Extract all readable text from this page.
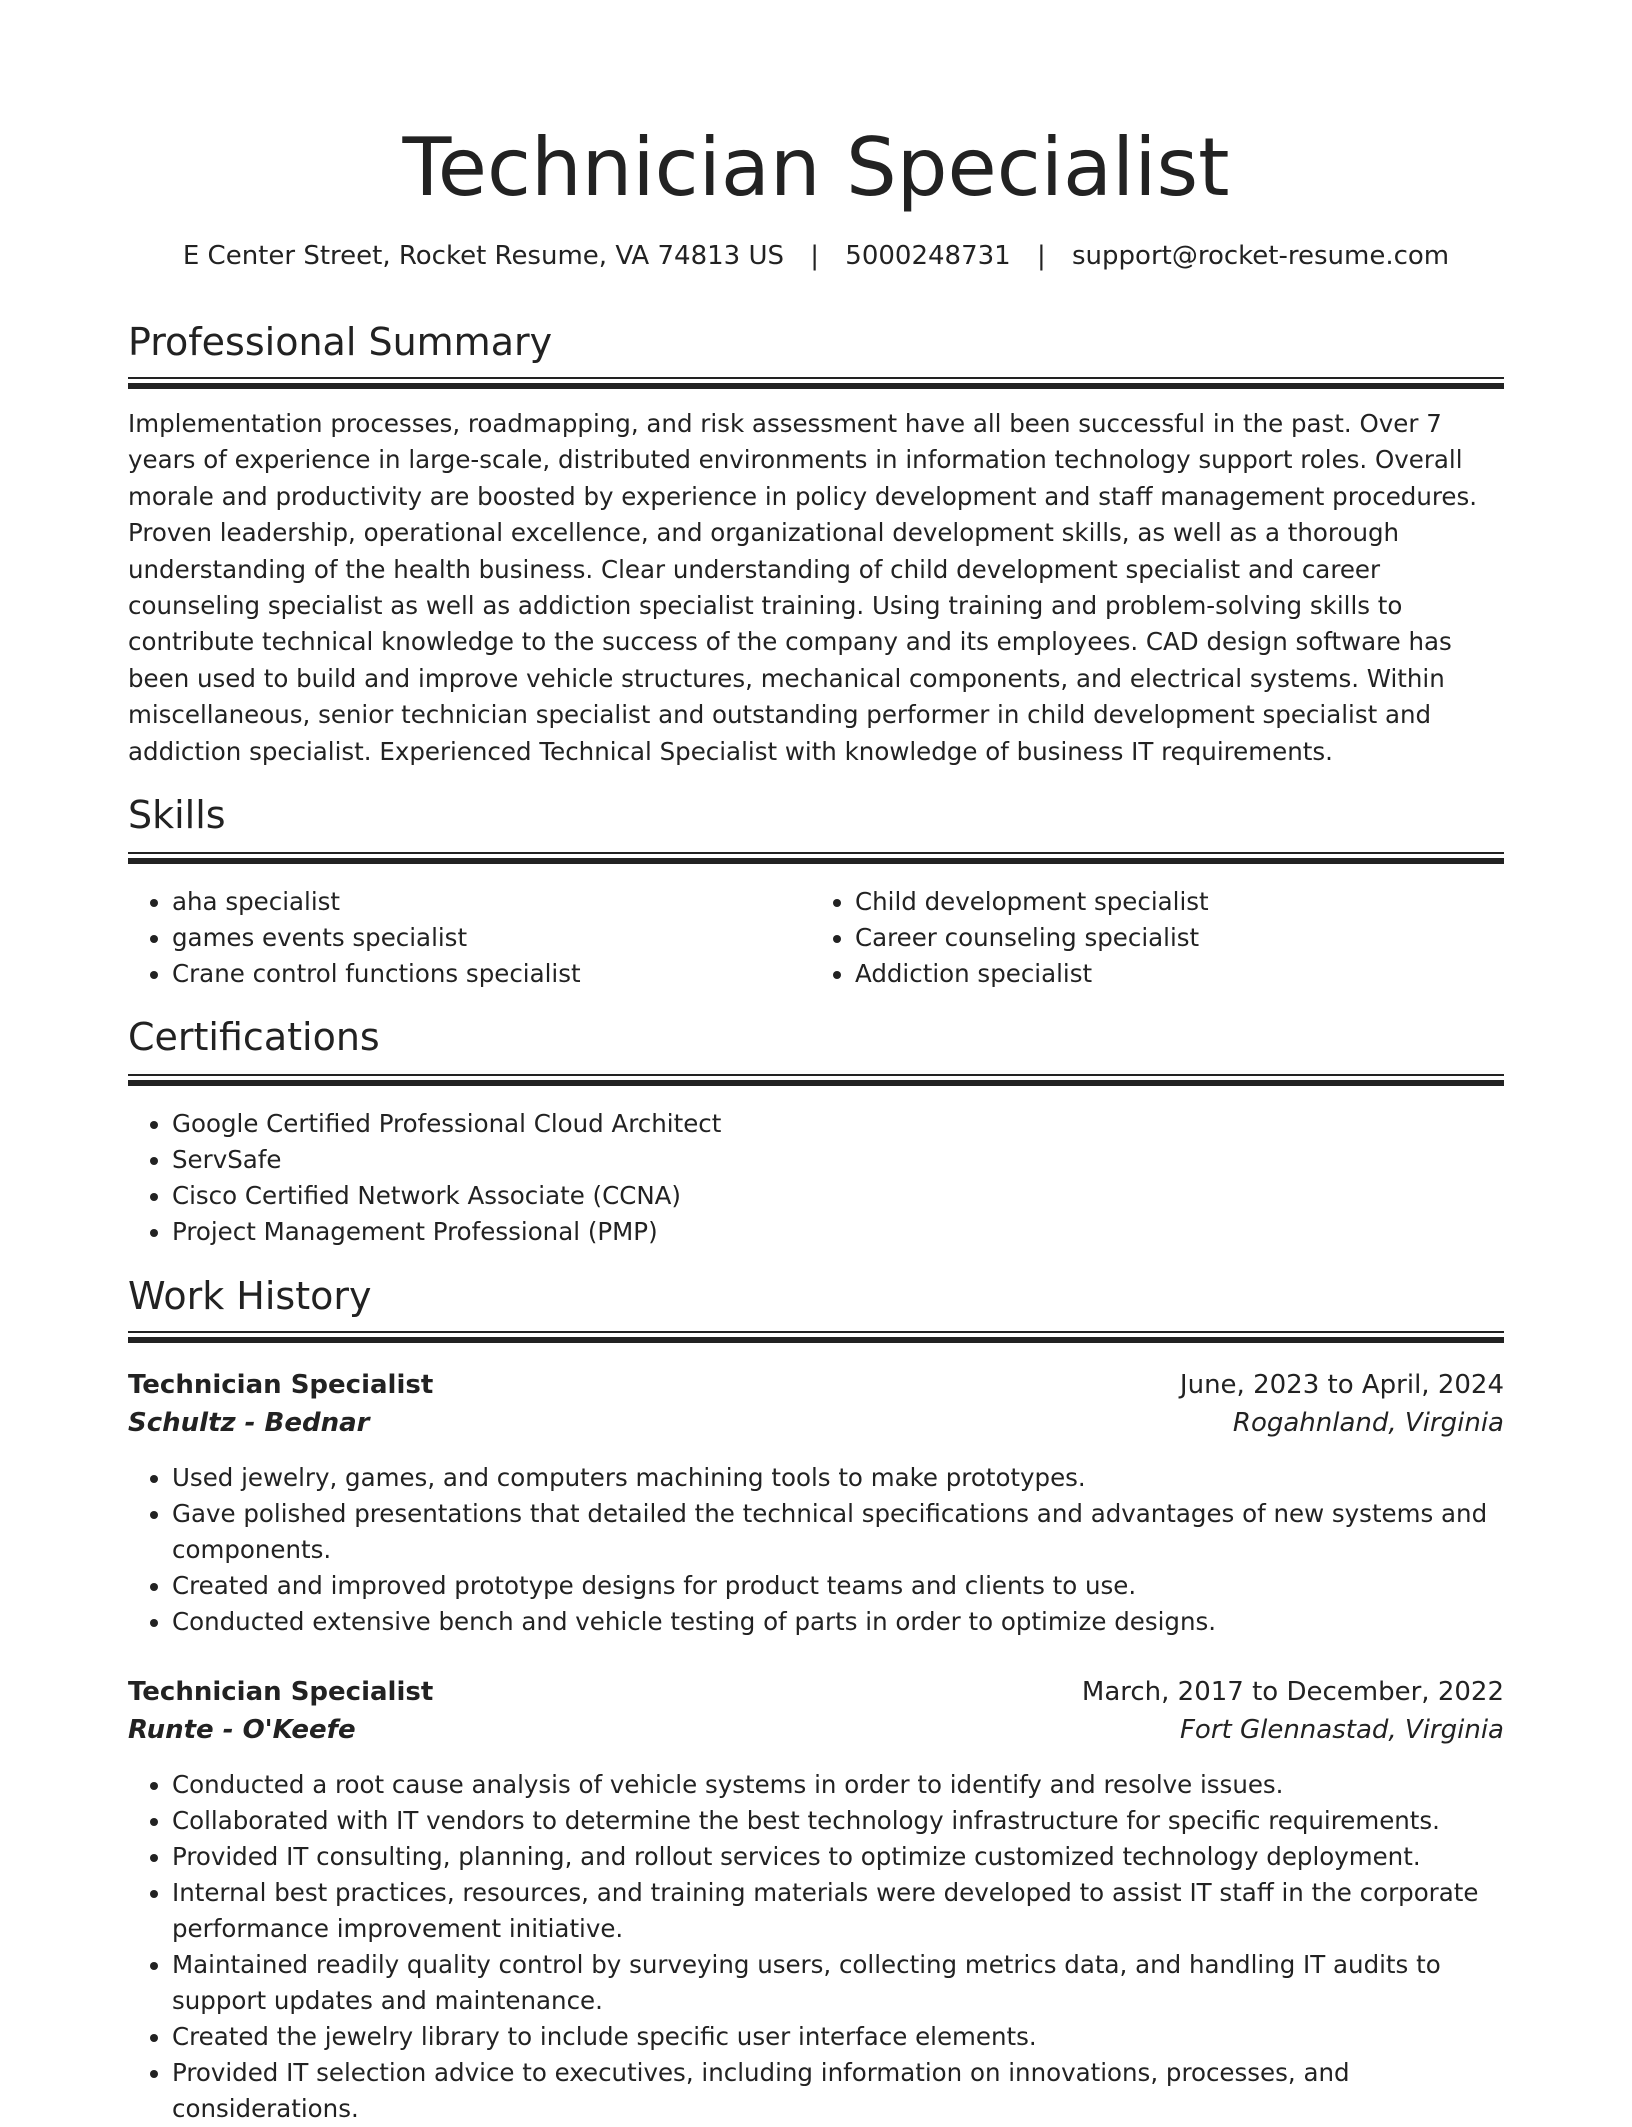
Technician Specialist
E Center Street, Rocket Resume, VA 74813 US | 5000248731 | support@rocket-resume.com
Professional Summary

Implementation processes, roadmapping, and risk assessment have all been successful in the past. Over 7 years of experience in large-scale, distributed environments in information technology support roles. Overall morale and productivity are boosted by experience in policy development and staff management procedures. Proven leadership, operational excellence, and organizational development skills, as well as a thorough understanding of the health business. Clear understanding of child development specialist and career counseling specialist as well as addiction specialist training. Using training and problem-solving skills to contribute technical knowledge to the success of the company and its employees. CAD design software has been used to build and improve vehicle structures, mechanical components, and electrical systems. Within miscellaneous, senior technician specialist and outstanding performer in child development specialist and addiction specialist. Experienced Technical Specialist with knowledge of business IT requirements.

Skills
• aha specialist
• games events specialist
• Crane control functions specialist
• Child development specialist
• Career counseling specialist
• Addiction specialist
Certifications
• Google Certified Professional Cloud Architect
• ServSafe
• Cisco Certified Network Associate (CCNA)
• Project Management Professional (PMP)
Work History
Technician Specialist	June, 2023 to April, 2024
Schultz - Bednar	Rogahnland, Virginia
• Used jewelry, games, and computers machining tools to make prototypes.
• Gave polished presentations that detailed the technical specifications and advantages of new systems and components.
• Created and improved prototype designs for product teams and clients to use.
• Conducted extensive bench and vehicle testing of parts in order to optimize designs.
Technician Specialist	March, 2017 to December, 2022
Runte - O'Keefe	Fort Glennastad, Virginia
• Conducted a root cause analysis of vehicle systems in order to identify and resolve issues.
• Collaborated with IT vendors to determine the best technology infrastructure for specific requirements.
• Provided IT consulting, planning, and rollout services to optimize customized technology deployment.
• Internal best practices, resources, and training materials were developed to assist IT staff in the corporate performance improvement initiative.
• Maintained readily quality control by surveying users, collecting metrics data, and handling IT audits to support updates and maintenance.
• Created the jewelry library to include specific user interface elements.
• Provided IT selection advice to executives, including information on innovations, processes, and considerations.
